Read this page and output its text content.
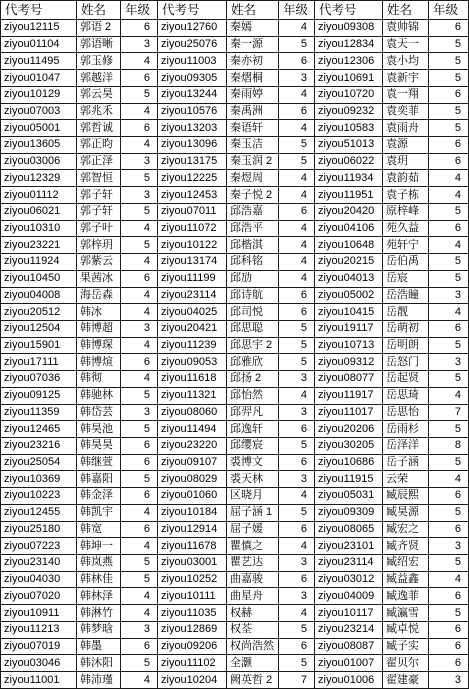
代考号	姓名	年级	代考号	姓名	年级	代考号	姓名	年级
ziyou12115	郭语 2	6	ziyou12760	秦嫣	4	ziyou09308	袁帅锦	6
ziyou01104	郭语晰	3	ziyou25076	秦一源	5	ziyou12834	袁天一	5
ziyou11495	郭玉修	4	ziyou11003	秦亦初	6	ziyou12306	袁小均	5
ziyou01047	郭越洋	6	ziyou09305	秦熠桐	3	ziyou10691	袁新宇	5
ziyou10129	郭云昊	5	ziyou13244	秦雨婷	4	ziyou10720	袁一翔	6
ziyou07003	郭兆禾	4	ziyou10576	秦禹洲	6	ziyou09232	袁奕菲	5
ziyou05001	郭哲诚	6	ziyou13203	秦语轩	4	ziyou10583	袁雨舟	5
ziyou13605	郭正昀	4	ziyou13096	秦玉洁	5	ziyou51013	袁源	6
ziyou03006	郭正泽	3	ziyou13175	秦玉润 2	5	ziyou06022	袁玥	6
ziyou12329	郭智恒	5	ziyou12225	秦煜周	4	ziyou11934	袁韵茹	4
ziyou01112	郭子轩	3	ziyou12453	秦子悦 2	4	ziyou11951	袁子栋	4
ziyou06021	郭子轩	5	ziyou07011	邱浩嘉	6	ziyou20420	原梓峰	5
ziyou10310	郭子叶	4	ziyou11072	邱浩平	4	ziyou04106	苑久益	6
ziyou23221	郭梓玥	5	ziyou10122	邱楷淇	4	ziyou10648	苑轩宁	4
ziyou11924	郭紫云	4	ziyou13174	邱科铭	4	ziyou20215	岳伯禹	5
ziyou10450	果茜冰	6	ziyou11199	邱劢	4	ziyou04013	岳宸	5
ziyou04008	海岳森	4	ziyou23114	邱诗航	6	ziyou05002	岳浩瞳	3
ziyou20512	韩冰	4	ziyou04025	邱司悦	6	ziyou10415	岳靓	4
ziyou12504	韩博超	3	ziyou20421	邱思聪	5	ziyou19117	岳萌初	6
ziyou15901	韩博琛	4	ziyou11239	邱思宇 2	5	ziyou10713	岳明朗	5
ziyou17111	韩博煊	6	ziyou09053	邱雅欣	5	ziyou09312	岳怒门	3
ziyou07036	韩彻	4	ziyou11618	邱扬 2	3	ziyou08077	岳起贤	5
ziyou09125	韩驰林	5	ziyou11321	邱怡然	4	ziyou11917	岳思琦	4
ziyou11359	韩岱芸	3	ziyou08060	邱羿凡	3	ziyou11017	岳思怡	7
ziyou12465	韩昊池	5	ziyou11494	邱逸轩	6	ziyou20206	岳雨杉	5
ziyou23216	韩昊昊	6	ziyou23220	邱缨宸	5	ziyou30205	岳泽洋	8
ziyou25054	韩继萱	6	ziyou09107	裘博文	6	ziyou10686	岳子涵	5
ziyou10369	韩嘉阳	5	ziyou08029	裘天林	3	ziyou11915	云荣	4
ziyou10223	韩金泽	6	ziyou01060	区晓月	4	ziyou05031	臧辰熙	6
ziyou12455	韩凯宇	4	ziyou10184	屈子涵 1	5	ziyou09309	臧昊源	5
ziyou25180	韩宽	6	ziyou12914	屈子媛	6	ziyou08065	臧宏之	6
ziyou07223	韩坤一	4	ziyou11678	瞿慎之	4	ziyou23101	臧齐贤	3
ziyou23140	韩岚燕	5	ziyou03001	瞿艺达	3	ziyou23114	臧绍宏	5
ziyou04030	韩林佳	5	ziyou10252	曲嘉骏	6	ziyou03012	臧益鑫	4
ziyou07020	韩林泽	4	ziyou10111	曲星舟	3	ziyou04009	臧逸菲	6
ziyou10911	韩淋竹	4	ziyou11035	权赫	4	ziyou10117	臧瀛雪	5
ziyou11213	韩梦晗	3	ziyou12869	权荃	5	ziyou23214	臧卓悦	6
ziyou07019	韩墨	6	ziyou09206	权尚浩然	6	ziyou08087	臧子实	6
ziyou03046	韩沐阳	5	ziyou11102	全灏	5	ziyou01007	翟贝尔	6
ziyou11001	韩沛瑾	4	ziyou10204	阙英哲 2	7	ziyou01006	翟建豪	3
